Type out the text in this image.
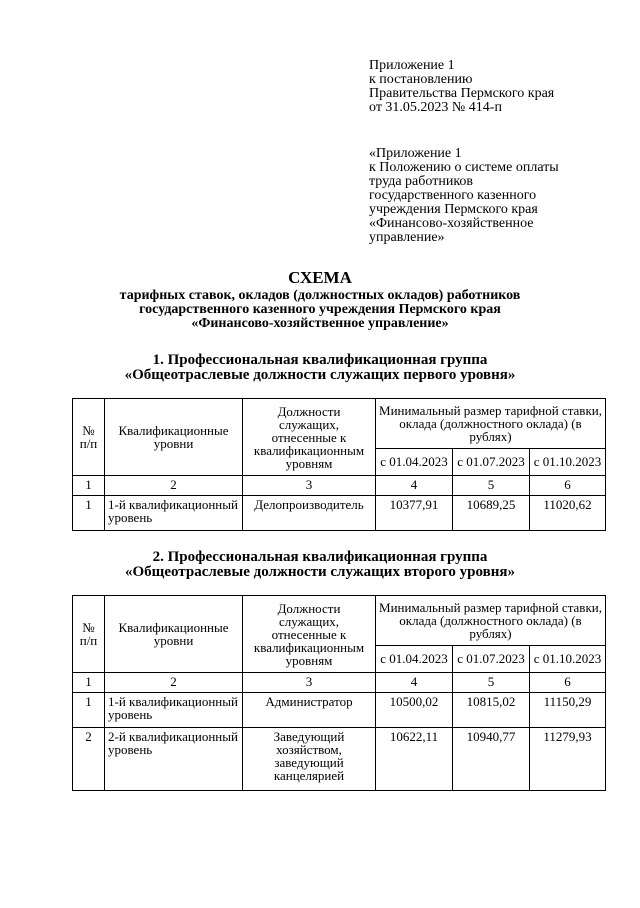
Приложение 1
к постановлению
Правительства Пермского края
от 31.05.2023 № 414-п
«Приложение 1
к Положению о системе оплаты
труда работников
государственного казенного
учреждения Пермского края
«Финансово-хозяйственное
управление»
СХЕМА
тарифных ставок, окладов (должностных окладов) работников
государственного казенного учреждения Пермского края
«Финансово-хозяйственное управление»
1. Профессиональная квалификационная группа
«Общеотраслевые должности служащих первого уровня»
№ п/п	Квалификационные уровни	Должности служащих, отнесенные к квалификационным уровням	Минимальный размер тарифной ставки, оклада (должностного оклада) (в рублях)		
			с 01.04.2023	с 01.07.2023	с 01.10.2023
1	2	3	4	5	6
1	1-й квалификационный уровень	Делопроизводитель	10377,91	10689,25	11020,62
2. Профессиональная квалификационная группа
«Общеотраслевые должности служащих второго уровня»
№ п/п	Квалификационные уровни	Должности служащих, отнесенные к квалификационным уровням	Минимальный размер тарифной ставки, оклада (должностного оклада) (в рублях)		
			с 01.04.2023	с 01.07.2023	с 01.10.2023
1	2	3	4	5	6
1	1-й квалификационный уровень	Администратор	10500,02	10815,02	11150,29
2	2-й квалификационный уровень	Заведующий хозяйством, заведующий канцелярией	10622,11	10940,77	11279,93
